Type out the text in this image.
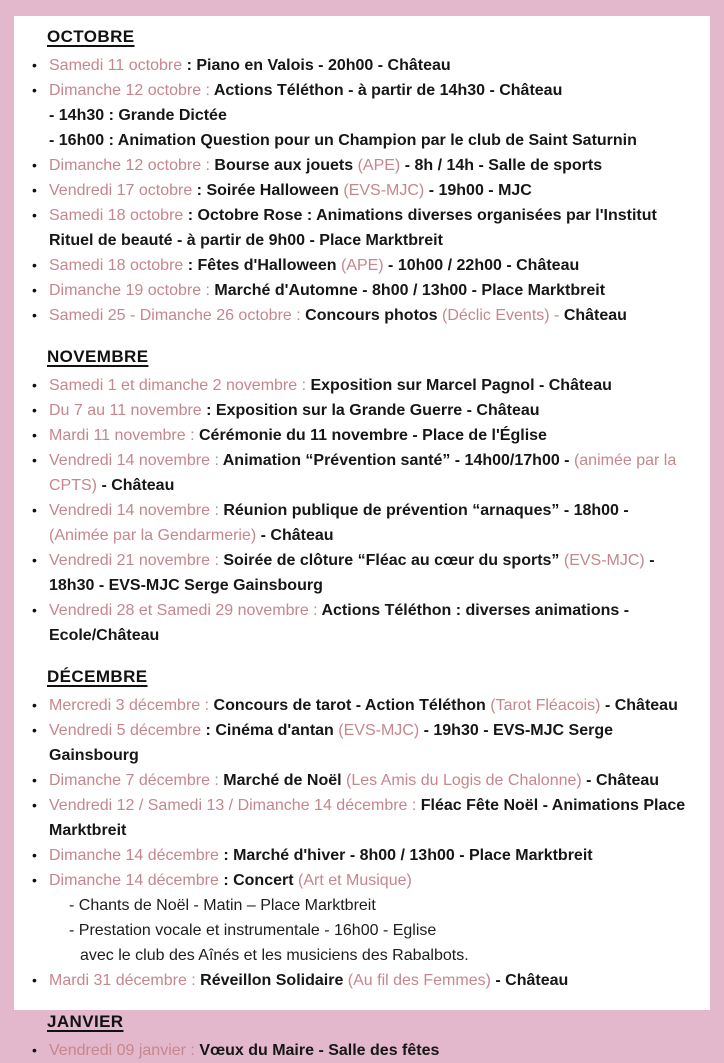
OCTOBRE
• Samedi 11 octobre : Piano en Valois - 20h00 - Château
• Dimanche 12 octobre : Actions Téléthon - à partir de 14h30 - Château
- 14h30 : Grande Dictée
- 16h00 : Animation Question pour un Champion par le club de Saint Saturnin
• Dimanche 12 octobre : Bourse aux jouets (APE) - 8h / 14h - Salle de sports
• Vendredi 17 octobre : Soirée Halloween (EVS-MJC) - 19h00 - MJC
• Samedi 18 octobre : Octobre Rose : Animations diverses organisées par l'Institut Rituel de beauté - à partir de 9h00 - Place Marktbreit
• Samedi 18 octobre : Fêtes d'Halloween (APE) - 10h00 / 22h00 - Château
• Dimanche 19 octobre : Marché d'Automne - 8h00 / 13h00 - Place Marktbreit
• Samedi 25 - Dimanche 26 octobre : Concours photos (Déclic Events) - Château
NOVEMBRE
• Samedi 1 et dimanche 2 novembre : Exposition sur Marcel Pagnol - Château
• Du 7 au 11 novembre : Exposition sur la Grande Guerre - Château
• Mardi 11 novembre : Cérémonie du 11 novembre - Place de l'Église
• Vendredi 14 novembre : Animation “Prévention santé” - 14h00/17h00 - (animée par la CPTS) - Château
• Vendredi 14 novembre : Réunion publique de prévention “arnaques” - 18h00 - (Animée par la Gendarmerie) - Château
• Vendredi 21 novembre : Soirée de clôture “Fléac au cœur du sports” (EVS-MJC) - 18h30 - EVS-MJC Serge Gainsbourg
• Vendredi 28 et Samedi 29 novembre : Actions Téléthon : diverses animations - Ecole/Château
DÉCEMBRE
• Mercredi 3 décembre : Concours de tarot - Action Téléthon (Tarot Fléacois) - Château
• Vendredi 5 décembre : Cinéma d'antan (EVS-MJC) - 19h30 - EVS-MJC Serge Gainsbourg
• Dimanche 7 décembre : Marché de Noël (Les Amis du Logis de Chalonne) - Château
• Vendredi 12 / Samedi 13 / Dimanche 14 décembre : Fléac Fête Noël - Animations Place Marktbreit
• Dimanche 14 décembre : Marché d'hiver - 8h00 / 13h00 - Place Marktbreit
• Dimanche 14 décembre : Concert (Art et Musique)
- Chants de Noël - Matin – Place Marktbreit
- Prestation vocale et instrumentale - 16h00 - Eglise
avec le club des Aînés et les musiciens des Rabalbots.
• Mardi 31 décembre : Réveillon Solidaire (Au fil des Femmes) - Château
JANVIER
• Vendredi 09 janvier : Vœux du Maire - Salle des fêtes
